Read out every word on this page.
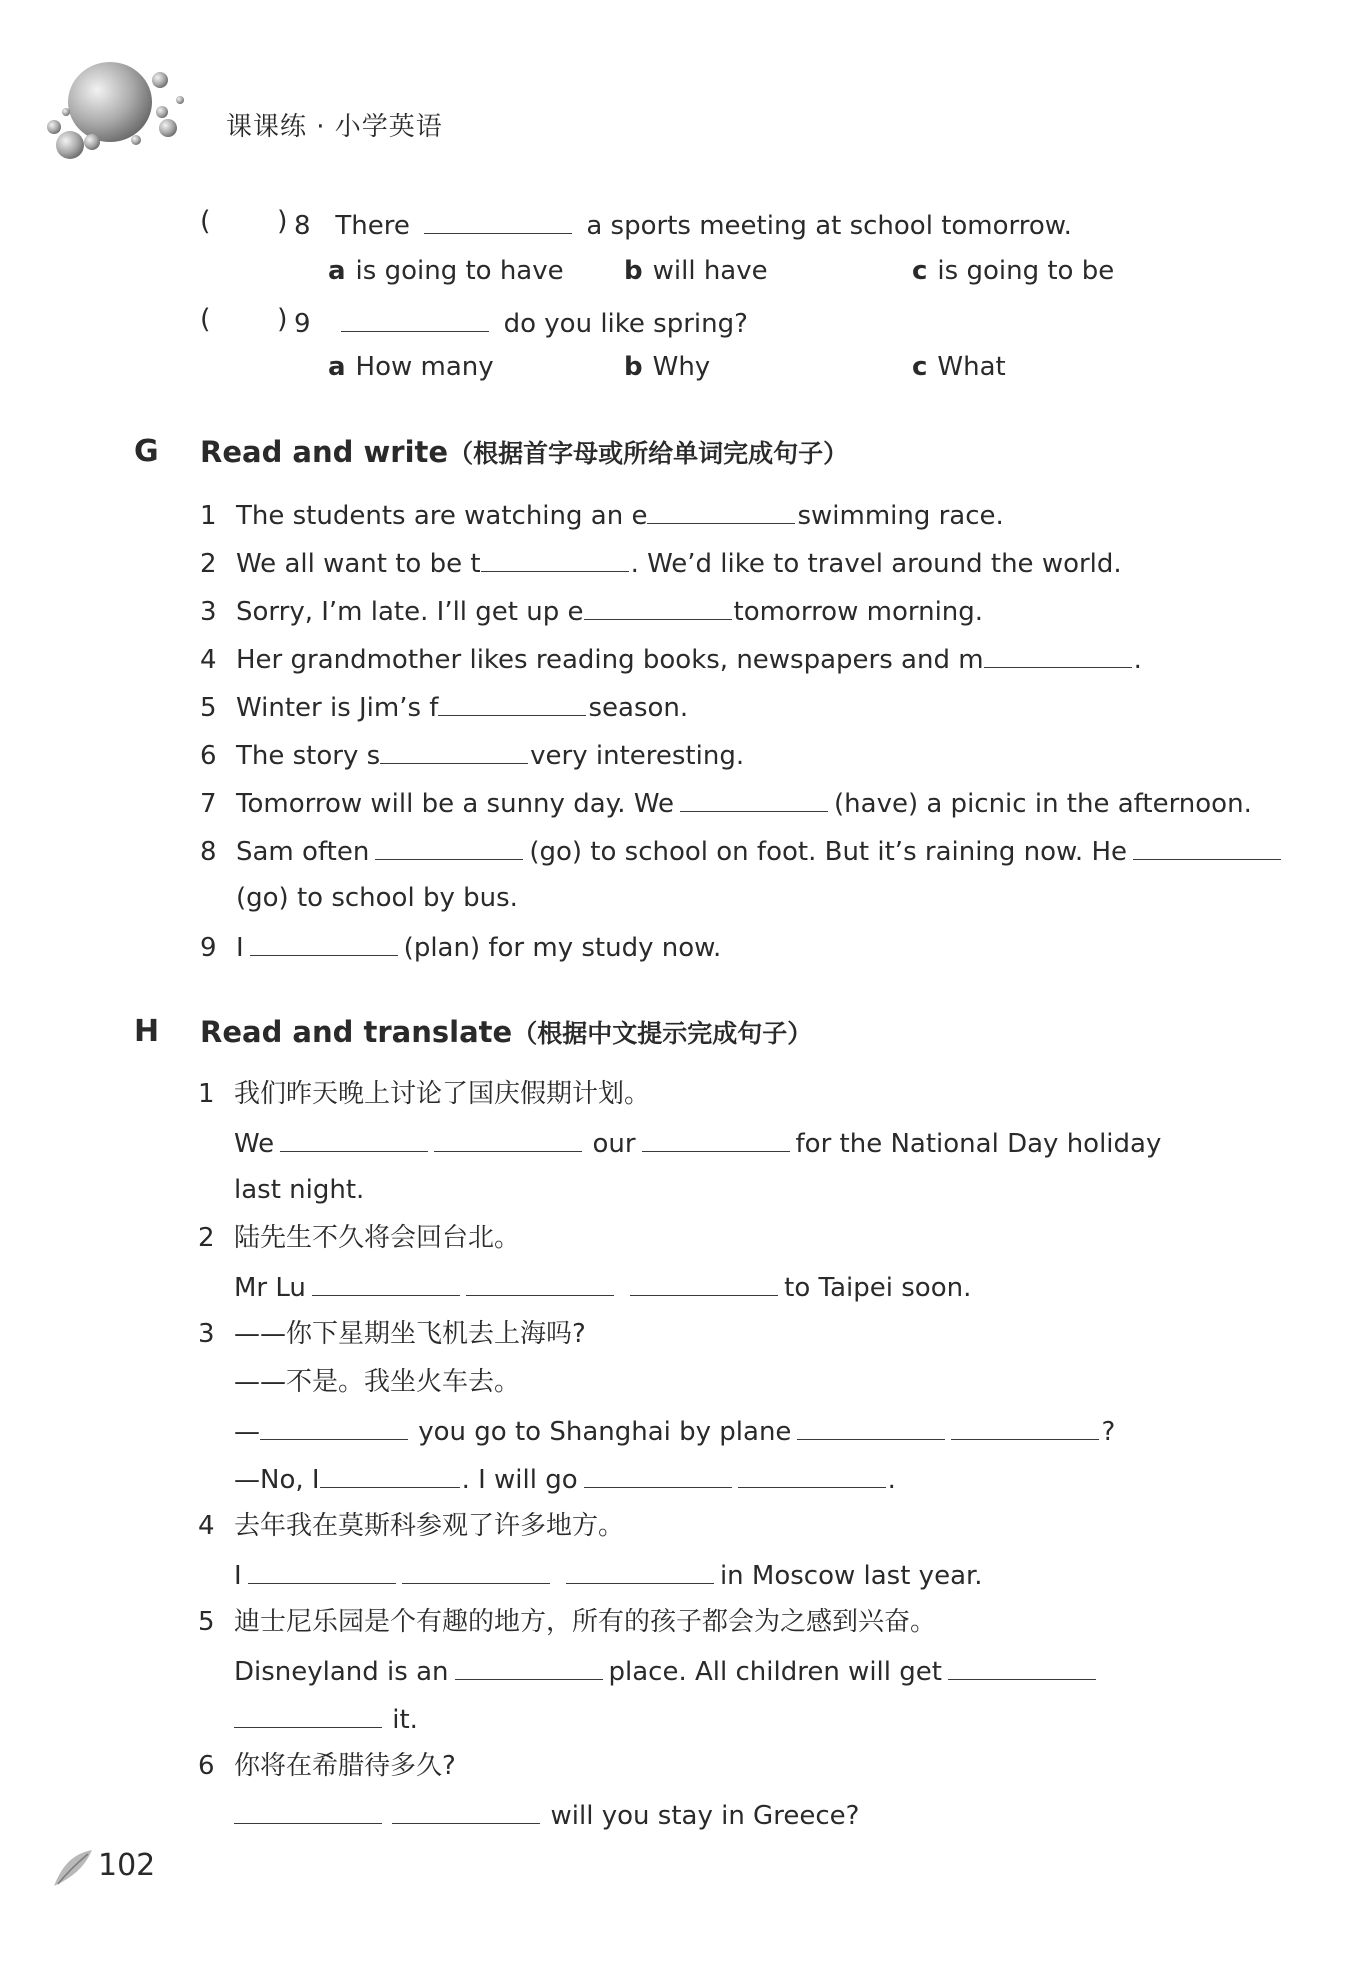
课课练 · 小学英语
( ) 8 There	a sports meeting at school tomorrow.
a is going to have b will have	c is going to be
( ) 9	do you like spring?
a How many	b Why	c What
G Read and write（根据首字母或所给单词完成句子）
1 The students are watching an e	swimming race.
2 We all want to be t	. We’d like to travel around the world.
3 Sorry, I’m late. I’ll get up e	tomorrow morning.
4 Her grandmother likes reading books, newspapers and m	.
5 Winter is Jim’s f	season.
6 The story s	very interesting.
7 Tomorrow will be a sunny day. We	(have) a picnic in the afternoon.
8 Sam often	(go) to school on foot. But it’s raining now. He
(go) to school by bus.
9 I	(plan) for my study now.
H Read and translate（根据中文提示完成句子）
1 我们昨天晚上讨论了国庆假期计划。
We	our	for the National Day holiday
last night.
2 陆先生不久将会回台北。
Mr Lu	to Taipei soon.
3 ——你下星期坐飞机去上海吗?
——不是。我坐火车去。
—	you go to Shanghai by plane	?
—No, I	. I will go	.
4 去年我在莫斯科参观了许多地方。
I	in Moscow last year.
5 迪士尼乐园是个有趣的地方，所有的孩子都会为之感到兴奋。
Disneyland is an	place. All children will get
it.
6 你将在希腊待多久?
will you stay in Greece?
102
